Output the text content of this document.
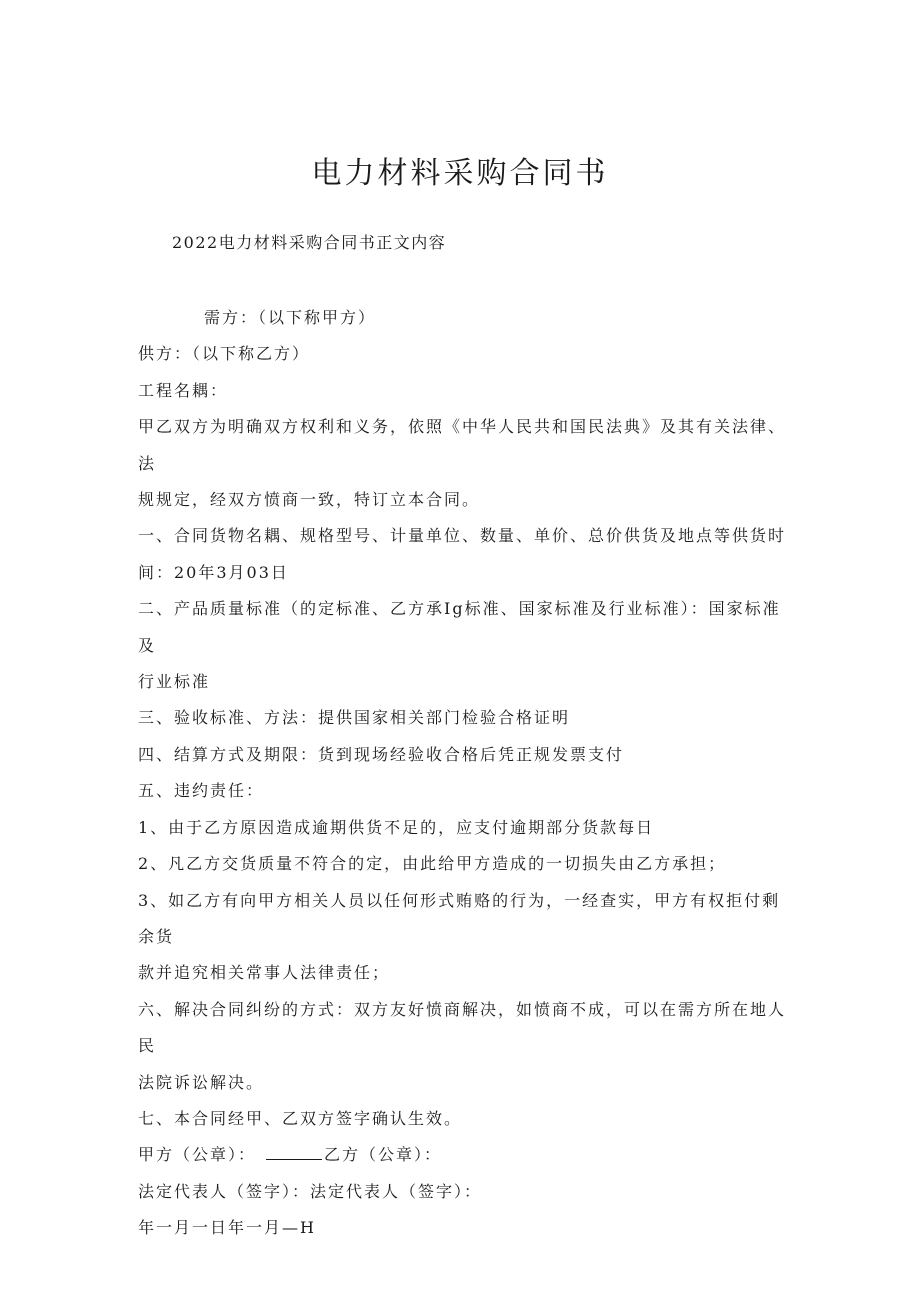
电力材料采购合同书
2022电力材料采购合同书正文内容

需方：（以下称甲方）

供方：（以下称乙方）

工程名耦：

甲乙双方为明确双方权利和义务，依照《中华人民共和国民法典》及其有关法律、法

规规定，经双方愤商一致，特订立本合同。

一、合同货物名耦、规格型号、计量单位、数量、单价、总价供货及地点等供货时

间：20年3月03日

二、产品质量标准（的定标准、乙方承Ig标准、国家标准及行业标准）：国家标准及

行业标准

三、验收标准、方法：提供国家相关部门检验合格证明

四、结算方式及期限：货到现场经验收合格后凭正规发票支付

五、违约责任：

1、由于乙方原因造成逾期供货不足的，应支付逾期部分货款每日

2、凡乙方交货质量不符合的定，由此给甲方造成的一切损失由乙方承担；

3、如乙方有向甲方相关人员以任何形式贿赂的行为，一经查实，甲方有权拒付剩余货

款并追究相关常事人法律责任；

六、解决合同纠纷的方式：双方友好愤商解决，如愤商不成，可以在需方所在地人民

法院诉讼解决。

七、本合同经甲、乙双方签字确认生效。

甲方（公章）：	乙方（公章）：

法定代表人（签字）：法定代表人（签字）：

年一月一日年一月—H
